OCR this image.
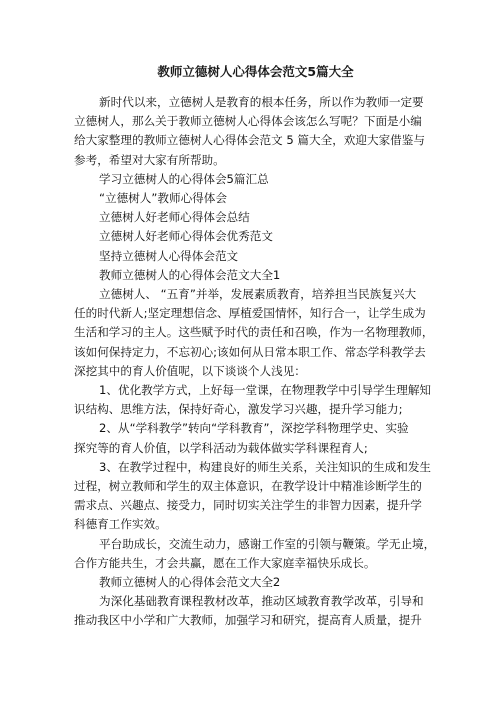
教师立德树人心得体会范文5篇大全

新时代以来，立德树人是教育的根本任务，所以作为教师一定要

立德树人，那么关于教师立德树人心得体会该怎么写呢？下面是小编

给大家整理的教师立德树人心得体会范文 5 篇大全，欢迎大家借鉴与

参考，希望对大家有所帮助。

学习立德树人的心得体会5篇汇总

“立德树人”教师心得体会

立德树人好老师心得体会总结

立德树人好老师心得体会优秀范文

坚持立德树人心得体会范文

教师立德树人的心得体会范文大全1

立德树人、 “五育”并举，发展素质教育，培养担当民族复兴大

任的时代新人;坚定理想信念、厚植爱国情怀，知行合一，让学生成为

生活和学习的主人。这些赋予时代的责任和召唤，作为一名物理教师，

该如何保持定力，不忘初心;该如何从日常本职工作、常态学科教学去

深挖其中的育人价值呢，以下谈谈个人浅见：

1、优化教学方式，上好每一堂课，在物理教学中引导学生理解知

识结构、思维方法，保持好奇心，激发学习兴趣，提升学习能力;

2、从“学科教学”转向“学科教育”，深挖学科物理学史、实验

探究等的育人价值，以学科活动为载体做实学科课程育人;

3、在教学过程中，构建良好的师生关系，关注知识的生成和发生

过程，树立教师和学生的双主体意识，在教学设计中精准诊断学生的

需求点、兴趣点、接受力，同时切实关注学生的非智力因素，提升学

科德育工作实效。

平台助成长，交流生动力，感谢工作室的引领与鞭策。学无止境，

合作方能共生，才会共赢，愿在工作大家庭幸福快乐成长。

教师立德树人的心得体会范文大全2

为深化基础教育课程教材改革，推动区域教育教学改革，引导和

推动我区中小学和广大教师，加强学习和研究，提高育人质量，提升
